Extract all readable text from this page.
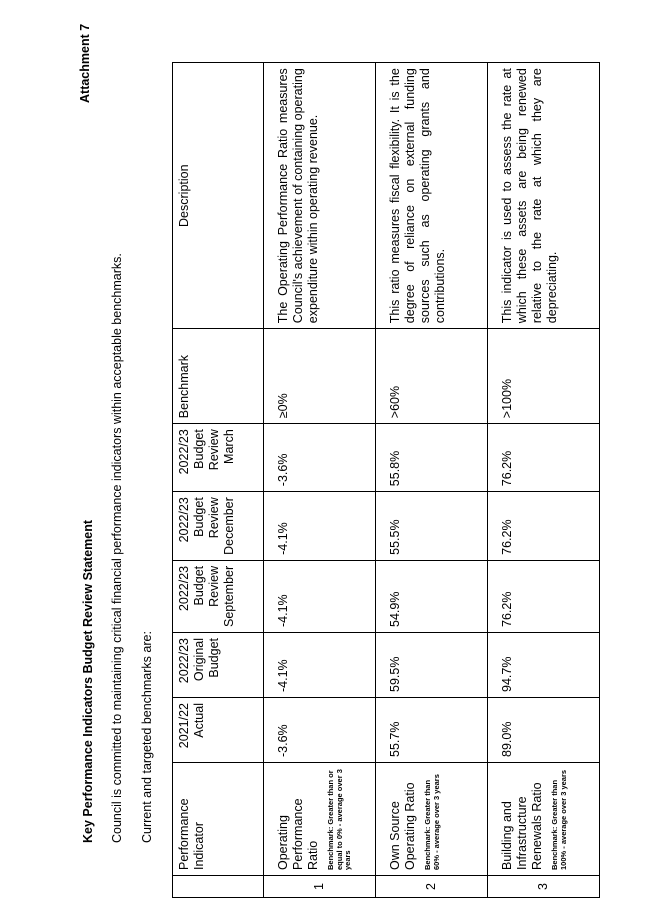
Attachment 7
Key Performance Indicators Budget Review Statement Council is committed to maintaining critical financial performance indicators within acceptable benchmarks. Current and targeted benchmarks are:
	Performance Indicator	2021/22 Actual	2022/23 Original Budget	2022/23 Budget Review September	2022/23 Budget Review December	2022/23 Budget Review March	Benchmark	Description
1	Operating Performance Ratio Benchmark: Greater than or equal to 0% - average over 3 years	-3.6%	-4.1%	-4.1%	-4.1%	-3.6%	≥0%	The Operating Performance Ratio measures Council's achievement of containing operating expenditure within operating revenue.
2	Own Source Operating Ratio Benchmark: Greater than 60% - average over 3 years	55.7%	59.5%	54.9%	55.5%	55.8%	>60%	This ratio measures fiscal flexibility. It is the degree of reliance on external funding sources such as operating grants and contributions.
3	Building and Infrastructure Renewals Ratio Benchmark: Greater than 100% - average over 3 years	89.0%	94.7%	76.2%	76.2%	76.2%	>100%	This indicator is used to assess the rate at which these assets are being renewed relative to the rate at which they are depreciating.
